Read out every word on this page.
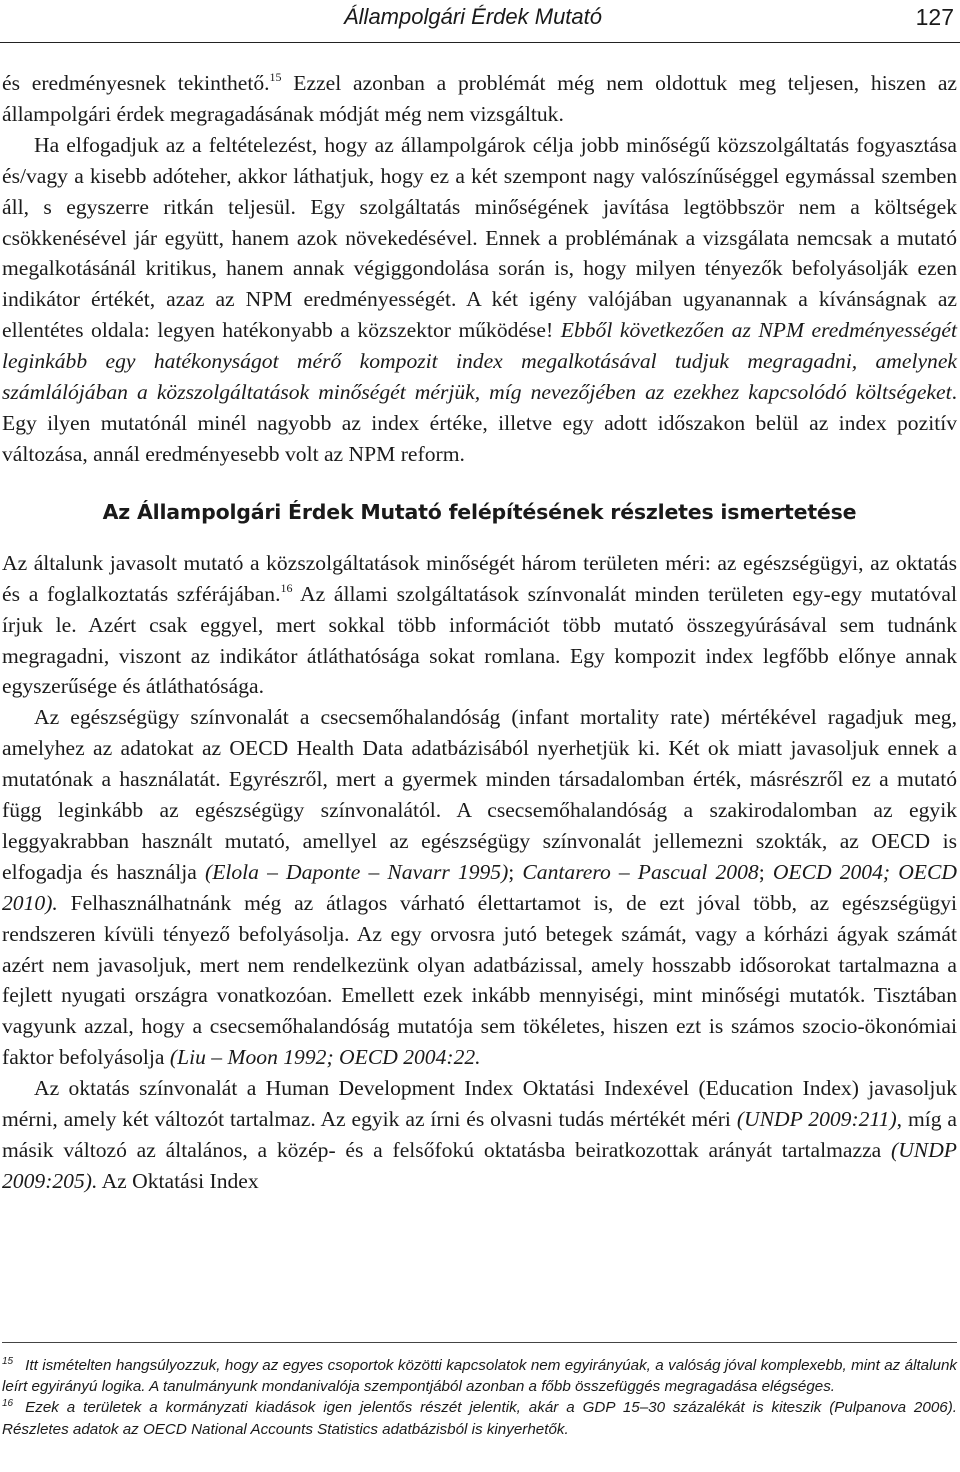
Állampolgári Érdek Mutató	127

és eredményesnek tekinthető.$^{15}$ Ezzel azonban a problémát még nem oldottuk meg teljesen, hiszen az állampolgári érdek megragadásának módját még nem vizsgáltuk.

Ha elfogadjuk az a feltételezést, hogy az állampolgárok célja jobb minőségű közszolgáltatás fogyasztása és/vagy a kisebb adóteher, akkor láthatjuk, hogy ez a két szempont nagy valószínűséggel egymással szemben áll, s egyszerre ritkán teljesül. Egy szolgáltatás minőségének javítása legtöbbször nem a költségek csökkenésével jár együtt, hanem azok növekedésével. Ennek a problémának a vizsgálata nemcsak a mutató megalkotásánál kritikus, hanem annak végiggondolása során is, hogy milyen tényezők befolyásolják ezen indikátor értékét, azaz az NPM eredményességét. A két igény valójában ugyanannak a kívánságnak az ellentétes oldala: legyen hatékonyabb a közszektor működése! Ebből következően az NPM eredményességét leginkább egy hatékonyságot mérő kompozit index megalkotásával tudjuk megragadni, amelynek számlálójában a közszolgáltatások minőségét mérjük, míg nevezőjében az ezekhez kapcsolódó költségeket. Egy ilyen mutatónál minél nagyobb az index értéke, illetve egy adott időszakon belül az index pozitív változása, annál eredményesebb volt az NPM reform.

Az Állampolgári Érdek Mutató felépítésének részletes ismertetése

Az általunk javasolt mutató a közszolgáltatások minőségét három területen méri: az egészségügyi, az oktatás és a foglalkoztatás szférájában.$^{16}$ Az állami szolgáltatások színvonalát minden területen egy-egy mutatóval írjuk le. Azért csak eggyel, mert sokkal több információt több mutató összegyúrásával sem tudnánk megragadni, viszont az indikátor átláthatósága sokat romlana. Egy kompozit index legfőbb előnye annak egyszerűsége és átláthatósága.

Az egészségügy színvonalát a csecsemőhalandóság (infant mortality rate) mértékével ragadjuk meg, amelyhez az adatokat az OECD Health Data adatbázisából nyerhetjük ki. Két ok miatt javasoljuk ennek a mutatónak a használatát. Egyrészről, mert a gyermek minden társadalomban érték, másrészről ez a mutató függ leginkább az egészségügy színvonalától. A csecsemőhalandóság a szakirodalomban az egyik leggyakrabban használt mutató, amellyel az egészségügy színvonalát jellemezni szokták, az OECD is elfogadja és használja (Elola – Daponte – Navarr 1995); Cantarero – Pascual 2008; OECD 2004; OECD 2010). Felhasználhatnánk még az átlagos várható élettartamot is, de ezt jóval több, az egészségügyi rendszeren kívüli tényező befolyásolja. Az egy orvosra jutó betegek számát, vagy a kórházi ágyak számát azért nem javasoljuk, mert nem rendelkezünk olyan adatbázissal, amely hosszabb idősorokat tartalmazna a fejlett nyugati országra vonatkozóan. Emellett ezek inkább mennyiségi, mint minőségi mutatók. Tisztában vagyunk azzal, hogy a csecsemőhalandóság mutatója sem tökéletes, hiszen ezt is számos szocio-ökonómiai faktor befolyásolja (Liu – Moon 1992; OECD 2004:22.

Az oktatás színvonalát a Human Development Index Oktatási Indexével (Education Index) javasoljuk mérni, amely két változót tartalmaz. Az egyik az írni és olvasni tudás mértékét méri (UNDP 2009:211), míg a másik változó az általános, a közép- és a felsőfokú oktatásba beiratkozottak arányát tartalmazza (UNDP 2009:205). Az Oktatási Index

$^{15}$ Itt ismételten hangsúlyozzuk, hogy az egyes csoportok közötti kapcsolatok nem egyirányúak, a valóság jóval komplexebb, mint az általunk leírt egyirányú logika. A tanulmányunk mondanivalója szempontjából azonban a főbb összefüggés megragadása elégséges.

$^{16}$ Ezek a területek a kormányzati kiadások igen jelentős részét jelentik, akár a GDP 15–30 százalékát is kiteszik (Pulpanova 2006). Részletes adatok az OECD National Accounts Statistics adatbázisból is kinyerhetők.
